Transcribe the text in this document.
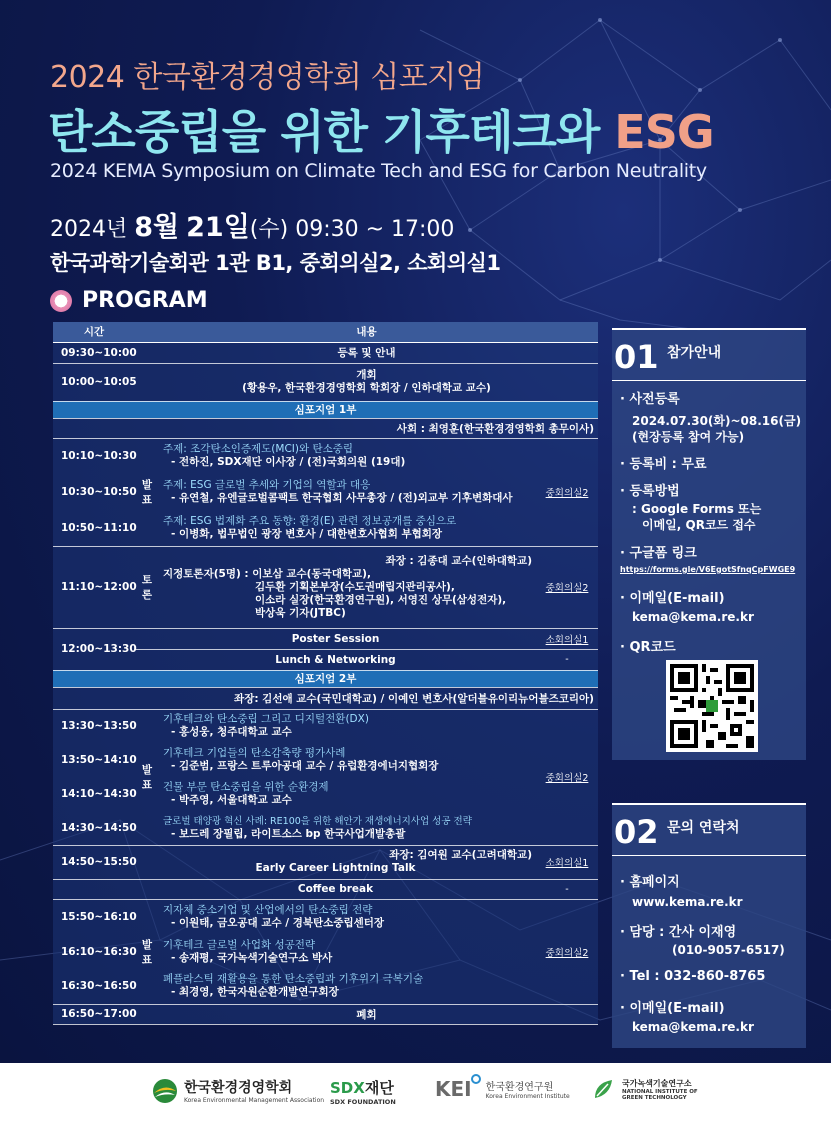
2024 한국환경경영학회 심포지엄
탄소중립을 위한 기후테크와 ESG
2024 KEMA Symposium on Climate Tech and ESG for Carbon Neutrality
2024년 8월 21일(수) 09:30 ~ 17:00
한국과학기술회관 1관 B1, 중회의실2, 소회의실1
PROGRAM
시간	내용		
09:30~10:00	등록 및 안내		
10:00~10:05	개회
(황용우, 한국환경경영학회 학회장 / 인하대학교 교수)		

심포지엄 1부			
사회 : 최영훈(한국환경경영학회 총무이사)			
10:10~10:30	발표	주제: 조각탄소인증제도(MCI)와 탄소중립
- 전하진, SDX재단 이사장 / (전)국회의원 (19대)	중회의실2
10:30~10:50		주제: ESG 글로벌 추세와 기업의 역할과 대응
- 유연철, 유엔글로벌콤팩트 한국협회 사무총장 / (전)외교부 기후변화대사	

10:50~11:10		주제: ESG 법제화 주요 동향: 환경(E) 관련 정보공개를 중심으로
- 이병화, 법무법인 광장 변호사 / 대한변호사협회 부협회장	

11:10~12:00	토론	좌장 : 김종대 교수(인하대학교)
지정토론자(5명) : 이보삼 교수(동국대학교),
김두환 기획본부장(수도권매립지관리공사),
이소라 실장(한국환경연구원), 서영진 상무(삼성전자),
박상욱 기자(JTBC)	중회의실2
12:00~13:30	Poster Session		소회의실1
	Lunch & Networking		-
심포지엄 2부			
좌장: 김선애 교수(국민대학교) / 이예인 변호사(알더블유이리뉴어블즈코리아)			
13:30~13:50	발표	기후테크와 탄소중립 그리고 디지털전환(DX)
- 홍성웅, 청주대학교 교수	중회의실2
13:50~14:10		기후테크 기업들의 탄소감축량 평가사례
- 김준범, 프랑스 트루아공대 교수 / 유럽환경에너지협회장	

14:10~14:30		건물 부문 탄소중립을 위한 순환경제
- 박주영, 서울대학교 교수	

14:30~14:50		글로벌 태양광 혁신 사례: RE100을 위한 해안가 재생에너지사업 성공 전략
- 보드레 장필립, 라이트소스 bp 한국사업개발총괄	

14:50~15:50	좌장: 김여원 교수(고려대학교)
Early Career Lightning Talk		소회의실1
	Coffee break		-
15:50~16:10	발표	지자체 중소기업 및 산업에서의 탄소중립 전략
- 이원태, 금오공대 교수 / 경북탄소중립센터장	중회의실2
16:10~16:30		기후테크 글로벌 사업화 성공전략
- 송재평, 국가녹색기술연구소 박사	

16:30~16:50		폐플라스틱 재활용을 통한 탄소중립과 기후위기 극복기술
- 최경영, 한국자원순환개발연구회장	

16:50~17:00	폐회		
01 참가안내
· 사전등록
2024.07.30(화)~08.16(금)
(현장등록 참여 가능)
· 등록비 : 무료
· 등록방법
: Google Forms 또는
이메일, QR코드 접수
· 구글폼 링크
https://forms.gle/V6EgotSfnqCpFWGE9
· 이메일(E-mail)
kema@kema.re.kr
· QR코드
02 문의 연락처
· 홈페이지
www.kema.re.kr
· 담당 : 간사 이재영
(010-9057-6517)
· Tel : 032-860-8765
· 이메일(E-mail)
kema@kema.re.kr
한국환경경영학회
Korea Environmental Management Association
SDX재단
SDX FOUNDATION
KEI 한국환경연구원
Korea Environment Institute
국가녹색기술연구소
NATIONAL INSTITUTE OF
GREEN TECHNOLOGY
